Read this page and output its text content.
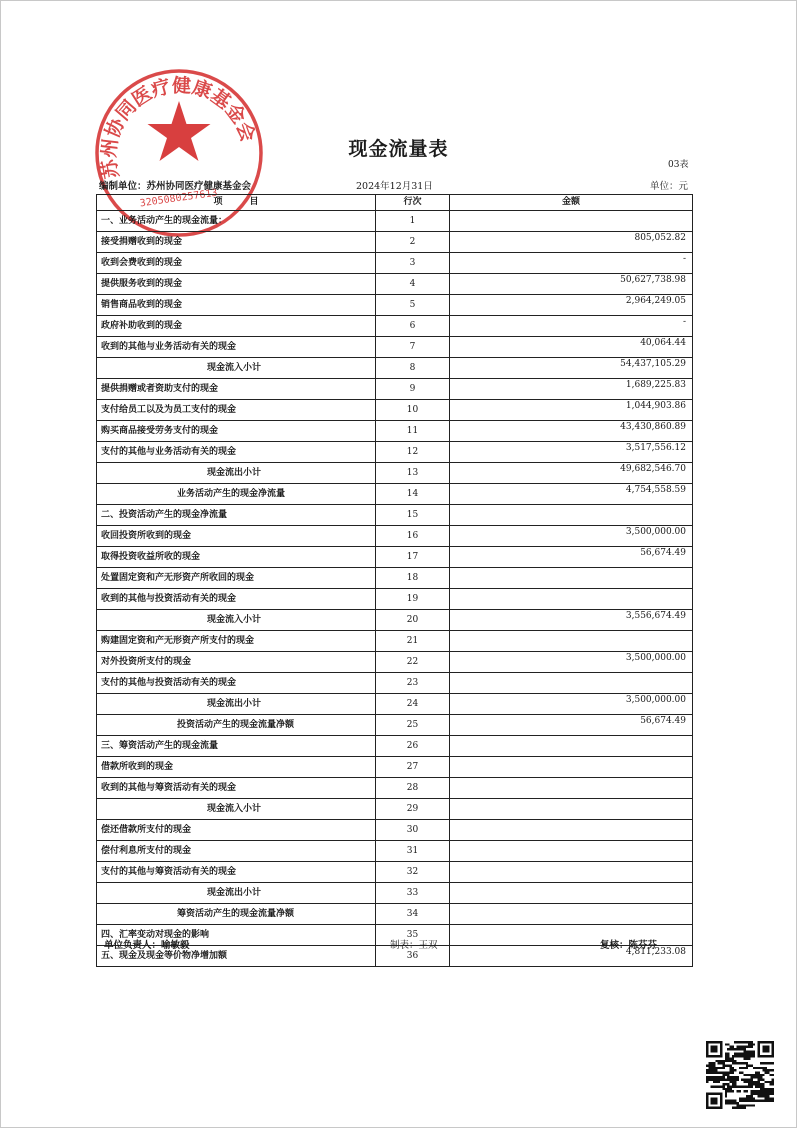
苏州协同医疗健康基金会
3205080257613
现金流量表
03表
编制单位：苏州协同医疗健康基金会	2024年12月31日	单位：元
项　　　目	行次	金额
一、业务活动产生的现金流量：	1	
接受捐赠收到的现金	2	805,052.82
收到会费收到的现金	3	-
提供服务收到的现金	4	50,627,738.98
销售商品收到的现金	5	2,964,249.05
政府补助收到的现金	6	-
收到的其他与业务活动有关的现金	7	40,064.44
现金流入小计	8	54,437,105.29
提供捐赠或者资助支付的现金	9	1,689,225.83
支付给员工以及为员工支付的现金	10	1,044,903.86
购买商品接受劳务支付的现金	11	43,430,860.89
支付的其他与业务活动有关的现金	12	3,517,556.12
现金流出小计	13	49,682,546.70
业务活动产生的现金净流量	14	4,754,558.59
二、投资活动产生的现金净流量	15	
收回投资所收到的现金	16	3,500,000.00
取得投资收益所收的现金	17	56,674.49
处置固定资和产无形资产所收回的现金	18	
收到的其他与投资活动有关的现金	19	
现金流入小计	20	3,556,674.49
购建固定资和产无形资产所支付的现金	21	
对外投资所支付的现金	22	3,500,000.00
支付的其他与投资活动有关的现金	23	
现金流出小计	24	3,500,000.00
投资活动产生的现金流量净额	25	56,674.49
三、筹资活动产生的现金流量	26	
借款所收到的现金	27	
收到的其他与筹资活动有关的现金	28	
现金流入小计	29	
偿还借款所支付的现金	30	
偿付利息所支付的现金	31	
支付的其他与筹资活动有关的现金	32	
现金流出小计	33	
筹资活动产生的现金流量净额	34	
四、汇率变动对现金的影响	35	
五、现金及现金等价物净增加额	36	4,811,233.08
单位负责人：喻敏毅	制表：王双	复核：陈芬芬
